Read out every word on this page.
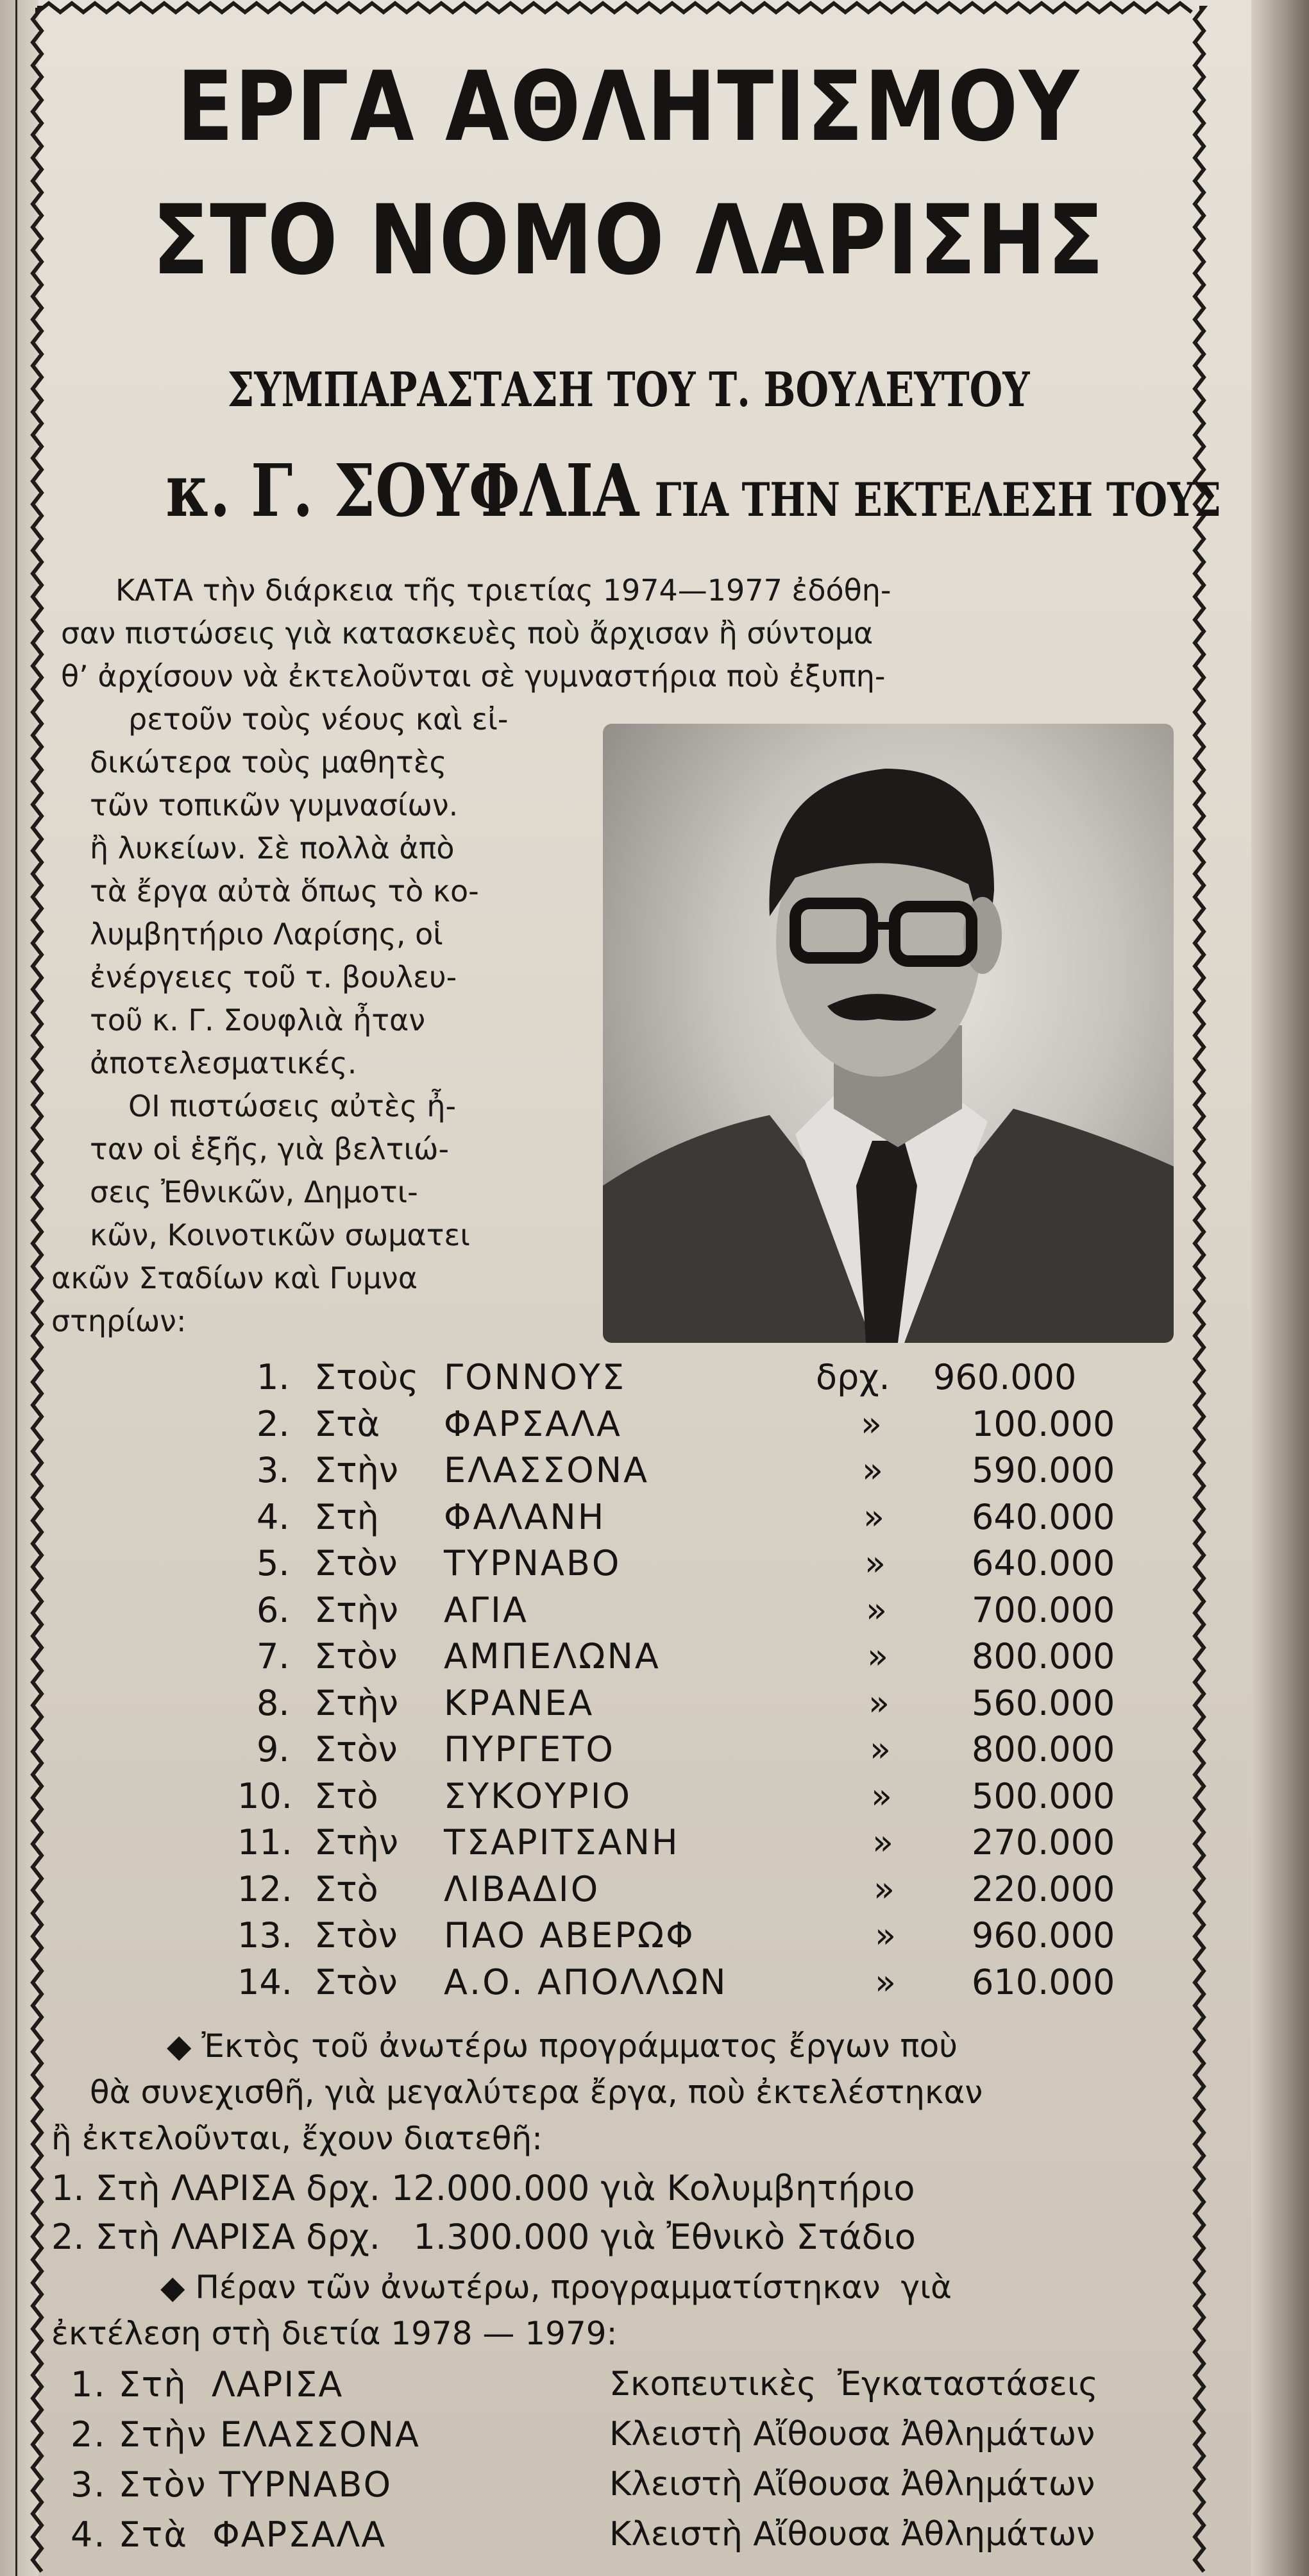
ΕΡΓΑ ΑΘΛΗΤΙΣΜΟΥ
ΣΤΟ ΝΟΜΟ ΛΑΡΙΣΗΣ
ΣΥΜΠΑΡΑΣΤΑΣΗ ΤΟΥ Τ. ΒΟΥΛΕΥΤΟΥ
κ. Γ. ΣΟΥΦΛΙΑ ΓΙΑ ΤΗΝ ΕΚΤΕΛΕΣΗ ΤΟΥΣ
ΚΑΤΑ τὴν διάρκεια τῆς τριετίας 1974—1977 ἐδόθη-
σαν πιστώσεις γιὰ κατασκευὲς ποὺ ἄρχισαν ἢ σύντομα
θ’ ἀρχίσουν νὰ ἐκτελοῦνται σὲ γυμναστήρια ποὺ ἐξυπη-
ρετοῦν τοὺς νέους καὶ εἰ-
δικώτερα τοὺς μαθητὲς
τῶν τοπικῶν γυμνασίων.
ἢ λυκείων. Σὲ πολλὰ ἀπὸ
τὰ ἔργα αὐτὰ ὅπως τὸ κο-
λυμβητήριο Λαρίσης, οἱ
ἐνέργειες τοῦ τ. βουλευ-
τοῦ κ. Γ. Σουφλιὰ ἦταν
ἀποτελεσματικές.
ΟΙ πιστώσεις αὐτὲς ἦ-
ταν οἱ ἑξῆς, γιὰ βελτιώ-
σεις Ἐθνικῶν, Δημοτι-
κῶν, Κοινοτικῶν σωματει
ακῶν Σταδίων καὶ Γυμνα
στηρίων:
1. Στοὺς ΓΟΝΝΟΥΣ	δρχ. 960.000
2. Στὰ ΦΑΡΣΑΛΑ	»	100.000
3. Στὴν ΕΛΑΣΣΟΝΑ	»	590.000
4. Στὴ ΦΑΛΑΝΗ	»	640.000
5. Στὸν ΤΥΡΝΑΒΟ	» 640.000
6. Στὴν ΑΓΙΑ	» 700.000
7. Στὸν ΑΜΠΕΛΩΝΑ	» 800.000
8. Στὴν ΚΡΑΝΕΑ	» 560.000
9. Στὸν ΠΥΡΓΕΤΟ	» 800.000
10. Στὸ ΣΥΚΟΥΡΙΟ	» 500.000
11. Στὴν ΤΣΑΡΙΤΣΑΝΗ	» 270.000
12. Στὸ ΛΙΒΑΔΙΟ	» 220.000
13. Στὸν ΠΑΟ ΑΒΕΡΩΦ	» 960.000
14. Στὸν Α.Ο. ΑΠΟΛΛΩΝ	» 610.000
◆ Ἐκτὸς τοῦ ἀνωτέρω προγράμματος ἔργων ποὺ
θὰ συνεχισθῆ, γιὰ μεγαλύτερα ἔργα, ποὺ ἐκτελέστηκαν
ἢ ἐκτελοῦνται, ἔχουν διατεθῆ:
1. Στὴ ΛΑΡΙΣΑ δρχ. 12.000.000 γιὰ Κολυμβητήριο
2. Στὴ ΛΑΡΙΣΑ δρχ.   1.300.000 γιὰ Ἐθνικὸ Στάδιο
◆ Πέραν τῶν ἀνωτέρω, προγραμματίστηκαν  γιὰ
ἐκτέλεση στὴ διετία 1978 — 1979:
1. Στὴ  ΛΑΡΙΣΑ	Σκοπευτικὲς  Ἐγκαταστάσεις
2. Στὴν ΕΛΑΣΣΟΝΑ	Κλειστὴ Αἴθουσα Ἀθλημάτων
3. Στὸν ΤΥΡΝΑΒΟ	Κλειστὴ Αἴθουσα Ἀθλημάτων
4. Στὰ  ΦΑΡΣΑΛΑ	Κλειστὴ Αἴθουσα Ἀθλημάτων
